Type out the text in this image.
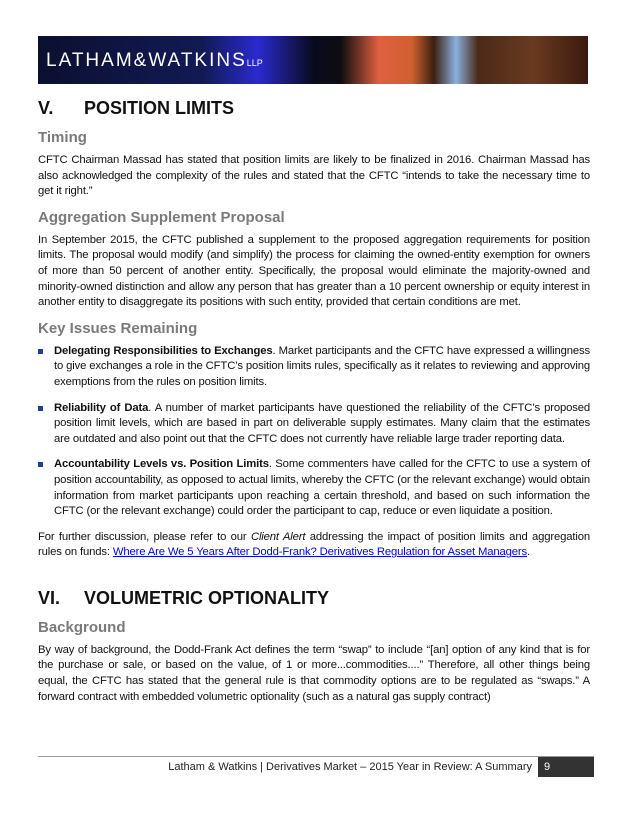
LATHAM&WATKINSLLP
V.	POSITION LIMITS
Timing

CFTC Chairman Massad has stated that position limits are likely to be finalized in 2016. Chairman Massad has also acknowledged the complexity of the rules and stated that the CFTC “intends to take the necessary time to get it right.”

Aggregation Supplement Proposal

In September 2015, the CFTC published a supplement to the proposed aggregation requirements for position limits. The proposal would modify (and simplify) the process for claiming the owned-entity exemption for owners of more than 50 percent of another entity. Specifically, the proposal would eliminate the majority-owned and minority-owned distinction and allow any person that has greater than a 10 percent ownership or equity interest in another entity to disaggregate its positions with such entity, provided that certain conditions are met.

Key Issues Remaining
Delegating Responsibilities to Exchanges. Market participants and the CFTC have expressed a willingness to give exchanges a role in the CFTC’s position limits rules, specifically as it relates to reviewing and approving exemptions from the rules on position limits.
Reliability of Data. A number of market participants have questioned the reliability of the CFTC’s proposed position limit levels, which are based in part on deliverable supply estimates. Many claim that the estimates are outdated and also point out that the CFTC does not currently have reliable large trader reporting data.
Accountability Levels vs. Position Limits. Some commenters have called for the CFTC to use a system of position accountability, as opposed to actual limits, whereby the CFTC (or the relevant exchange) would obtain information from market participants upon reaching a certain threshold, and based on such information the CFTC (or the relevant exchange) could order the participant to cap, reduce or even liquidate a position.

For further discussion, please refer to our Client Alert addressing the impact of position limits and aggregation rules on funds: Where Are We 5 Years After Dodd-Frank? Derivatives Regulation for Asset Managers.

VI.	VOLUMETRIC OPTIONALITY
Background

By way of background, the Dodd-Frank Act defines the term “swap” to include “[an] option of any kind that is for the purchase or sale, or based on the value, of 1 or more...commodities....” Therefore, all other things being equal, the CFTC has stated that the general rule is that commodity options are to be regulated as “swaps.” A forward contract with embedded volumetric optionality (such as a natural gas supply contract)

Latham & Watkins | Derivatives Market – 2015 Year in Review: A Summary	9
